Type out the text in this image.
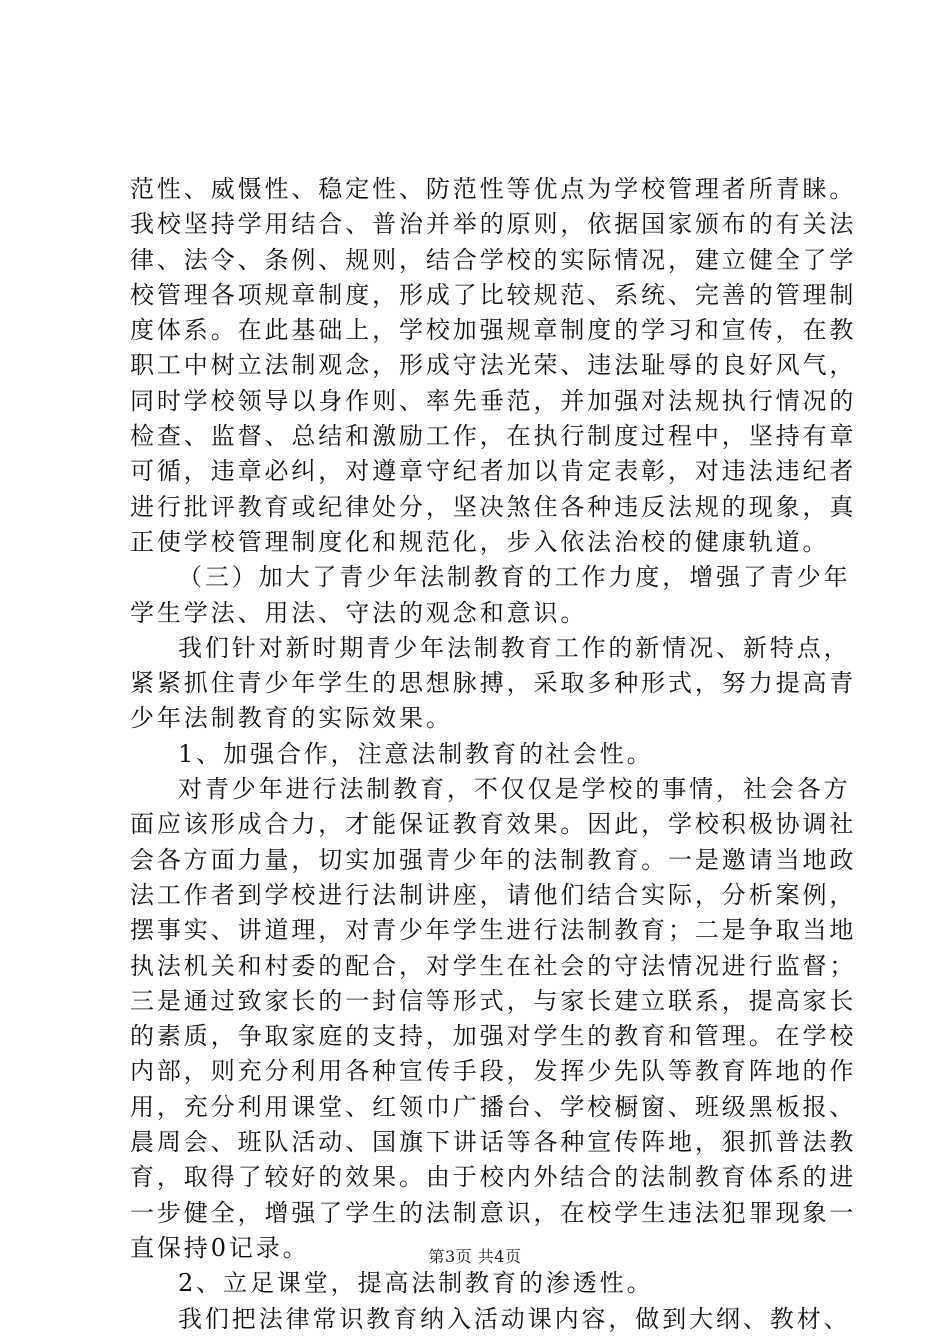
范性、威慑性、稳定性、防范性等优点为学校管理者所青睐。
我校坚持学用结合、普治并举的原则，依据国家颁布的有关法
律、法令、条例、规则，结合学校的实际情况，建立健全了学
校管理各项规章制度，形成了比较规范、系统、完善的管理制
度体系。在此基础上，学校加强规章制度的学习和宣传，在教
职工中树立法制观念，形成守法光荣、违法耻辱的良好风气，
同时学校领导以身作则、率先垂范，并加强对法规执行情况的
检查、监督、总结和激励工作，在执行制度过程中，坚持有章
可循，违章必纠，对遵章守纪者加以肯定表彰，对违法违纪者
进行批评教育或纪律处分，坚决煞住各种违反法规的现象，真
正使学校管理制度化和规范化，步入依法治校的健康轨道。
（三）加大了青少年法制教育的工作力度，增强了青少年
学生学法、用法、守法的观念和意识。
我们针对新时期青少年法制教育工作的新情况、新特点，
紧紧抓住青少年学生的思想脉搏，采取多种形式，努力提高青
少年法制教育的实际效果。
1、加强合作，注意法制教育的社会性。
对青少年进行法制教育，不仅仅是学校的事情，社会各方
面应该形成合力，才能保证教育效果。因此，学校积极协调社
会各方面力量，切实加强青少年的法制教育。一是邀请当地政
法工作者到学校进行法制讲座，请他们结合实际，分析案例，
摆事实、讲道理，对青少年学生进行法制教育；二是争取当地
执法机关和村委的配合，对学生在社会的守法情况进行监督；
三是通过致家长的一封信等形式，与家长建立联系，提高家长
的素质，争取家庭的支持，加强对学生的教育和管理。在学校
内部，则充分利用各种宣传手段，发挥少先队等教育阵地的作
用，充分利用课堂、红领巾广播台、学校橱窗、班级黑板报、
晨周会、班队活动、国旗下讲话等各种宣传阵地，狠抓普法教
育，取得了较好的效果。由于校内外结合的法制教育体系的进
一步健全，增强了学生的法制意识，在校学生违法犯罪现象一
直保持0记录。
2、立足课堂，提高法制教育的渗透性。
我们把法律常识教育纳入活动课内容，做到大纲、教材、
第3页 共4页
